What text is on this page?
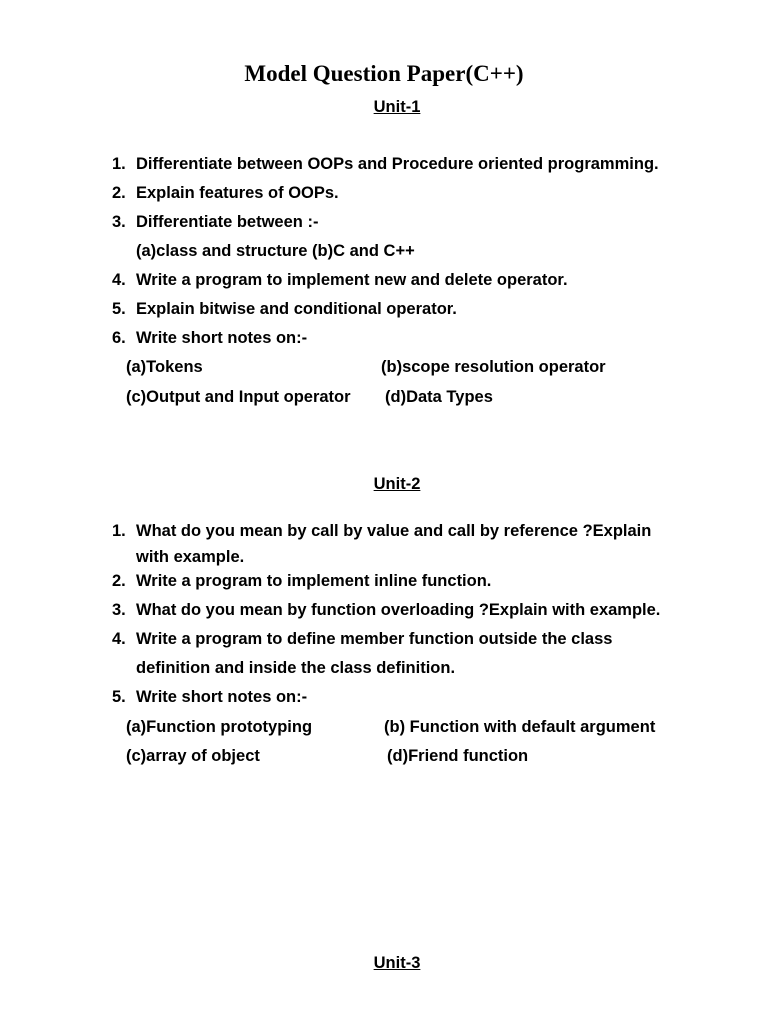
Model Question Paper(C++)
Unit-1
1. Differentiate between OOPs and Procedure oriented programming.
2. Explain features of OOPs.
3. Differentiate between :-
(a)class and structure (b)C and C++
4. Write a program to implement new and delete operator.
5. Explain bitwise and conditional operator.
6. Write short notes on:-
(a)Tokens	(b)scope resolution operator
(c)Output and Input operator (d)Data Types
Unit-2
1. What do you mean by call by value and call by reference ?Explain
with example.
2. Write a program to implement inline function.
3. What do you mean by function overloading ?Explain with example.
4. Write a program to define member function outside the class
definition and inside the class definition.
5. Write short notes on:-
(a)Function prototyping	(b) Function with default argument
(c)array of object	(d)Friend function
Unit-3
